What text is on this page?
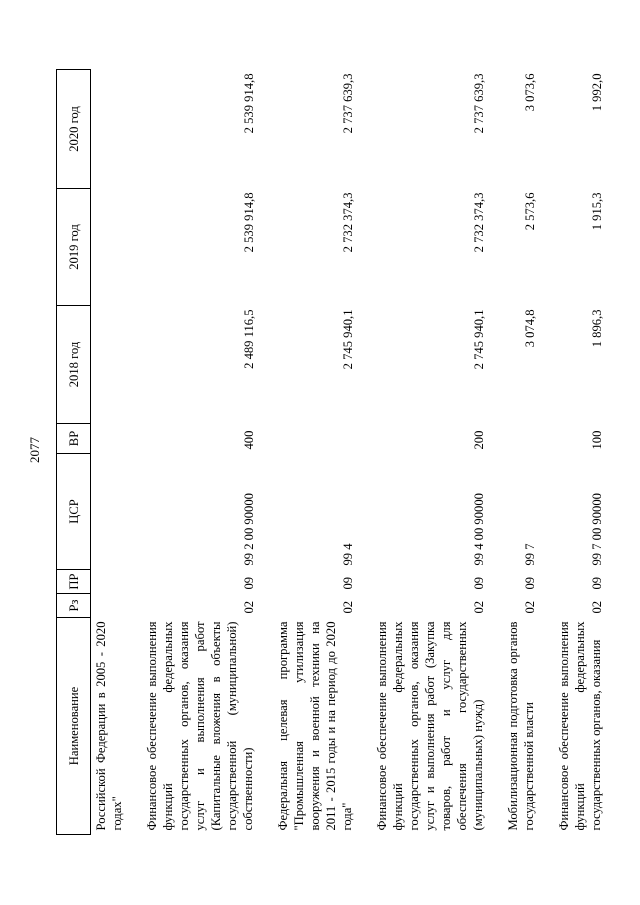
2077
Наименование	Рз	ПР	ЦСР	ВР	2018 год	2019 год	2020 год
Российской Федерации в 2005 - 2020 годах"							

Финансовое обеспечение выполнения функций федеральных государственных органов, оказания услуг и выполнения работ (Капитальные вложения в объекты государственной (муниципальной) собственности)	02	09	99 2 00 90000	400	2 489 116,5	2 539 914,8	2 539 914,8

Федеральная целевая программа "Промышленная утилизация вооружения и военной техники на 2011 - 2015 годы и на период до 2020 года"	02	09	99 4		2 745 940,1	2 732 374,3	2 737 639,3

Финансовое обеспечение выполнения функций федеральных государственных органов, оказания услуг и выполнения работ (Закупка товаров, работ и услуг для обеспечения государственных (муниципальных) нужд)	02	09	99 4 00 90000	200	2 745 940,1	2 732 374,3	2 737 639,3

Мобилизационная подготовка органов государственной власти	02	09	99 7		3 074,8	2 573,6	3 073,6

Финансовое обеспечение выполнения функций федеральных государственных органов, оказания	02	09	99 7 00 90000	100	1 896,3	1 915,3	1 992,0
